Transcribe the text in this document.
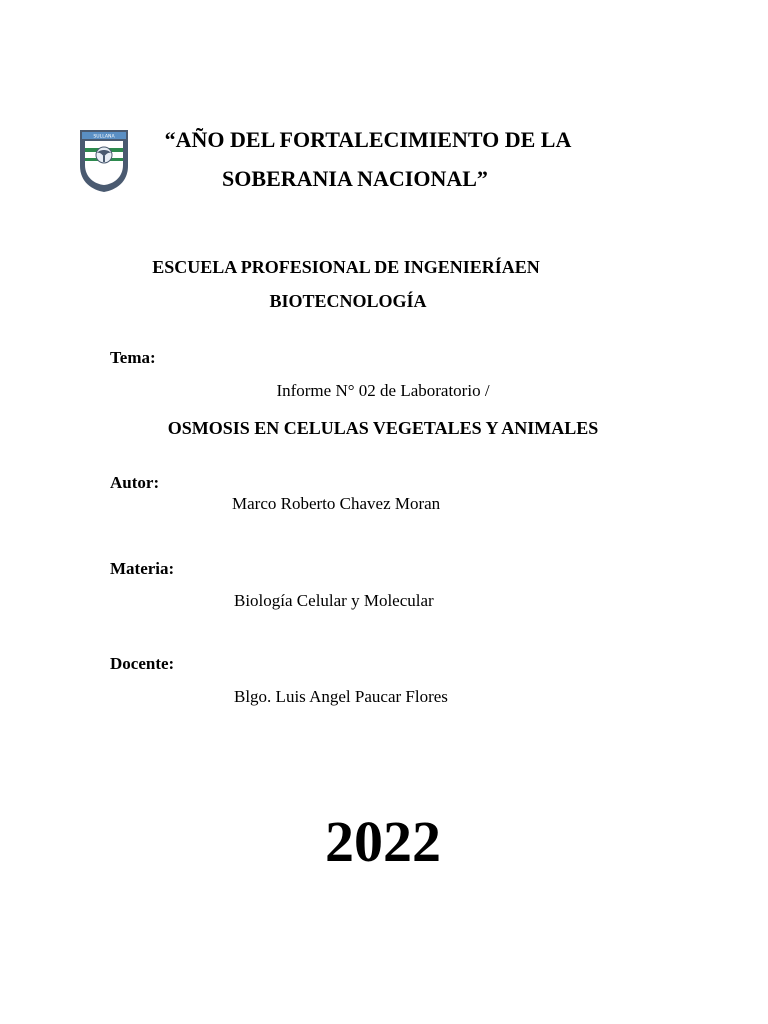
SULLANA	“AÑO DEL FORTALECIMIENTO DE LA
SOBERANIA NACIONAL”
ESCUELA PROFESIONAL DE INGENIERÍAEN
BIOTECNOLOGÍA
Tema:
Informe N° 02 de Laboratorio /
OSMOSIS EN CELULAS VEGETALES Y ANIMALES
Autor:
Marco Roberto Chavez Moran
Materia:
Biología Celular y Molecular
Docente:
Blgo. Luis Angel Paucar Flores
2022
